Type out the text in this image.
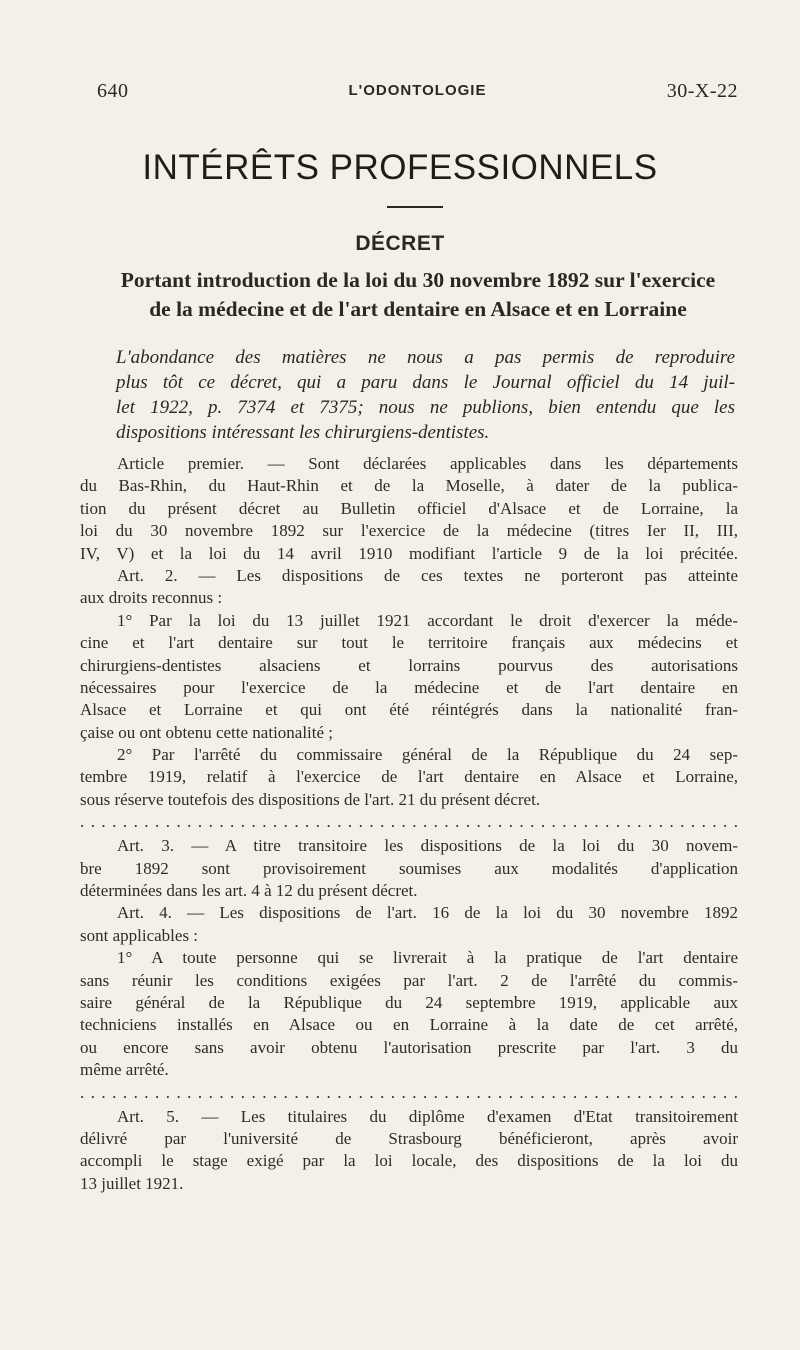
640	L'ODONTOLOGIE	30-X-22
INTÉRÊTS PROFESSIONNELS
DÉCRET
Portant introduction de la loi du 30 novembre 1892 sur l'exercice
de la médecine et de l'art dentaire en Alsace et en Lorraine
L'abondance des matières ne nous a pas permis de reproduire
plus tôt ce décret, qui a paru dans le Journal officiel du 14 juil-
let 1922, p. 7374 et 7375; nous ne publions, bien entendu que les
dispositions intéressant les chirurgiens-dentistes.
Article premier. — Sont déclarées applicables dans les départements
du Bas-Rhin, du Haut-Rhin et de la Moselle, à dater de la publica-
tion du présent décret au Bulletin officiel d'Alsace et de Lorraine, la
loi du 30 novembre 1892 sur l'exercice de la médecine (titres Ier II, III,
IV, V) et la loi du 14 avril 1910 modifiant l'article 9 de la loi précitée.
Art. 2. — Les dispositions de ces textes ne porteront pas atteinte
aux droits reconnus :
1° Par la loi du 13 juillet 1921 accordant le droit d'exercer la méde-
cine et l'art dentaire sur tout le territoire français aux médecins et
chirurgiens-dentistes alsaciens et lorrains pourvus des autorisations
nécessaires pour l'exercice de la médecine et de l'art dentaire en
Alsace et Lorraine et qui ont été réintégrés dans la nationalité fran-
çaise ou ont obtenu cette nationalité ;
2° Par l'arrêté du commissaire général de la République du 24 sep-
tembre 1919, relatif à l'exercice de l'art dentaire en Alsace et Lorraine,
sous réserve toutefois des dispositions de l'art. 21 du présent décret.
. . . . . . . . . . . . . . . . . . . . . . . . . . . . . . . . . . . . . . . . . . . . . . . . . . . . . . . . . . . . . .
Art. 3. — A titre transitoire les dispositions de la loi du 30 novem-
bre 1892 sont provisoirement soumises aux modalités d'application
déterminées dans les art. 4 à 12 du présent décret.
Art. 4. — Les dispositions de l'art. 16 de la loi du 30 novembre 1892
sont applicables :
1° A toute personne qui se livrerait à la pratique de l'art dentaire
sans réunir les conditions exigées par l'art. 2 de l'arrêté du commis-
saire général de la République du 24 septembre 1919, applicable aux
techniciens installés en Alsace ou en Lorraine à la date de cet arrêté,
ou encore sans avoir obtenu l'autorisation prescrite par l'art. 3 du
même arrêté.
. . . . . . . . . . . . . . . . . . . . . . . . . . . . . . . . . . . . . . . . . . . . . . . . . . . . . . . . . . . . . .
Art. 5. — Les titulaires du diplôme d'examen d'Etat transitoirement
délivré par l'université de Strasbourg bénéficieront, après avoir
accompli le stage exigé par la loi locale, des dispositions de la loi du
13 juillet 1921.
